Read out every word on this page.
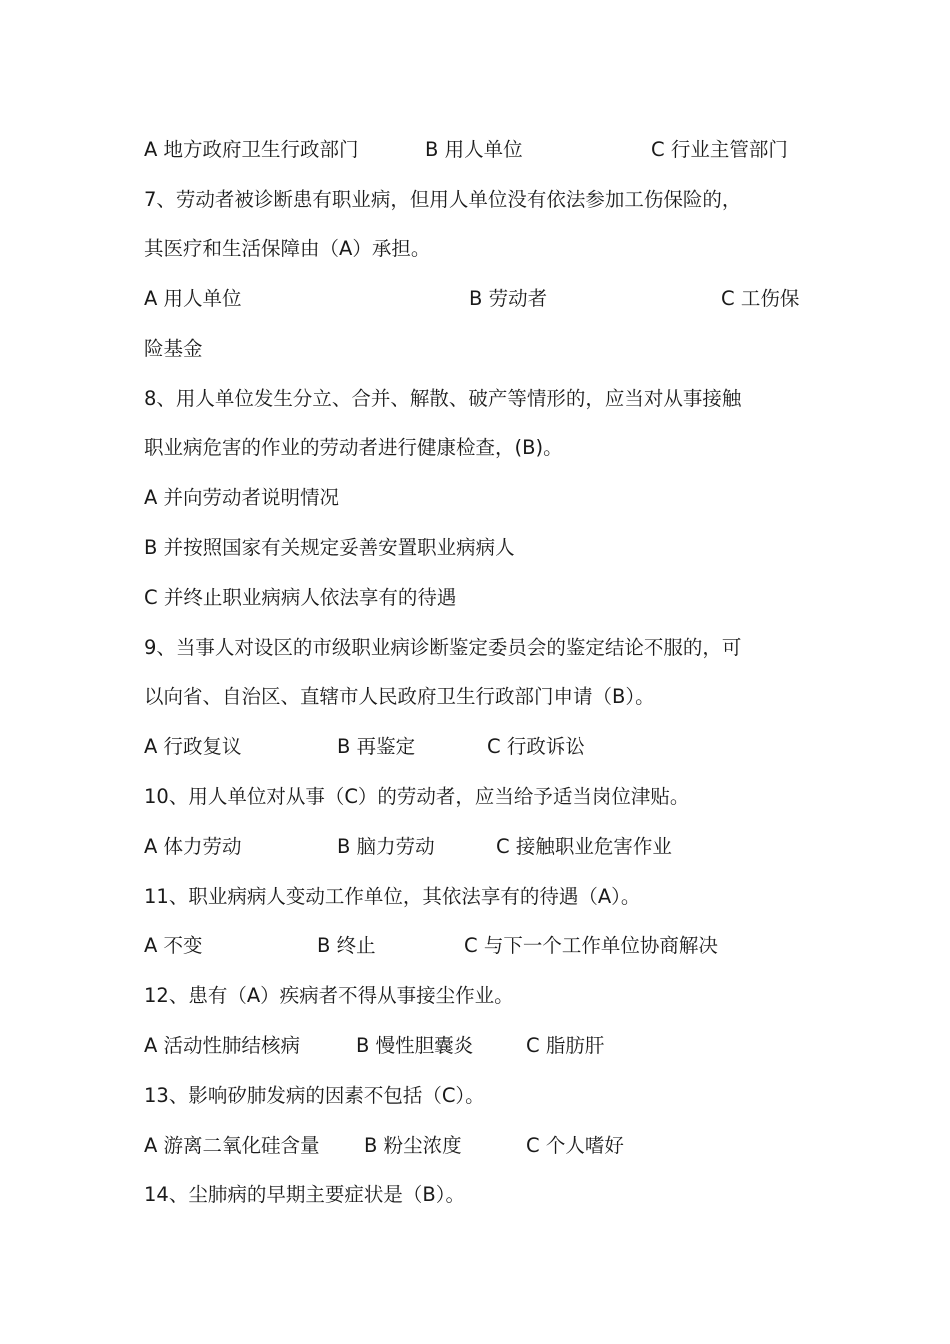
A 地方政府卫生行政部门	B 用人单位	C 行业主管部门
7、劳动者被诊断患有职业病，但用人单位没有依法参加工伤保险的，
其医疗和生活保障由（A）承担。
A 用人单位	B 劳动者	C 工伤保
险基金
8、用人单位发生分立、合并、解散、破产等情形的，应当对从事接触
职业病危害的作业的劳动者进行健康检查，(B)。
A 并向劳动者说明情况
B 并按照国家有关规定妥善安置职业病病人
C 并终止职业病病人依法享有的待遇
9、当事人对设区的市级职业病诊断鉴定委员会的鉴定结论不服的，可
以向省、自治区、直辖市人民政府卫生行政部门申请（B）。
A 行政复议	B 再鉴定	C 行政诉讼
10、用人单位对从事（C）的劳动者，应当给予适当岗位津贴。
A 体力劳动	B 脑力劳动	C 接触职业危害作业
11、职业病病人变动工作单位，其依法享有的待遇（A）。
A 不变	B 终止	C 与下一个工作单位协商解决
12、患有（A）疾病者不得从事接尘作业。
A 活动性肺结核病	B 慢性胆囊炎	C 脂肪肝
13、影响矽肺发病的因素不包括（C）。
A 游离二氧化硅含量 B 粉尘浓度	C 个人嗜好
14、尘肺病的早期主要症状是（B）。
